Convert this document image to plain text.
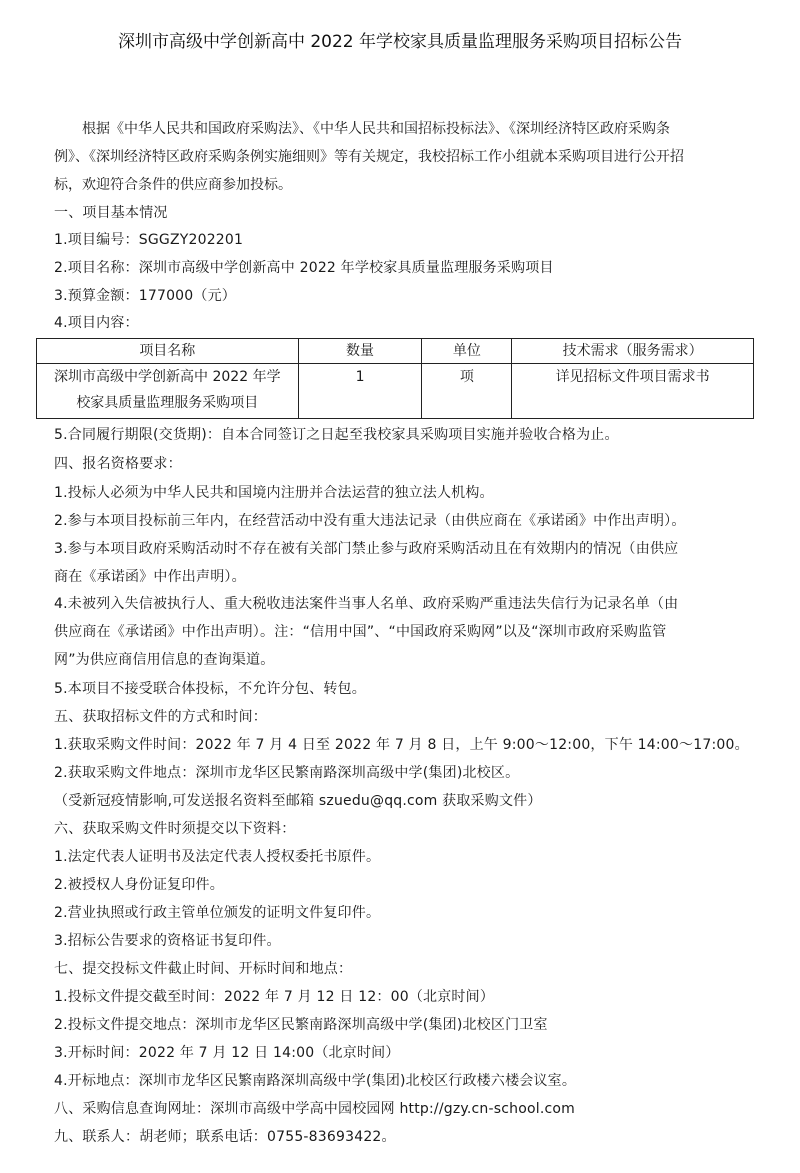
深圳市高级中学创新高中 2022 年学校家具质量监理服务采购项目招标公告
根据《中华人民共和国政府采购法》、《中华人民共和国招标投标法》、《深圳经济特区政府采购条
例》、《深圳经济特区政府采购条例实施细则》等有关规定，我校招标工作小组就本采购项目进行公开招
标，欢迎符合条件的供应商参加投标。
一、项目基本情况
1.项目编号：SGGZY202201
2.项目名称：深圳市高级中学创新高中 2022 年学校家具质量监理服务采购项目
3.预算金额：177000（元）
4.项目内容：
项目名称	数量	单位	技术需求（服务需求）

深圳市高级中学创新高中 2022 年学
校家具质量监理服务采购项目	1	项	详见招标文件项目需求书
5.合同履行期限(交货期)：自本合同签订之日起至我校家具采购项目实施并验收合格为止。
四、报名资格要求：
1.投标人必须为中华人民共和国境内注册并合法运营的独立法人机构。
2.参与本项目投标前三年内，在经营活动中没有重大违法记录（由供应商在《承诺函》中作出声明）。
3.参与本项目政府采购活动时不存在被有关部门禁止参与政府采购活动且在有效期内的情况（由供应
商在《承诺函》中作出声明）。
4.未被列入失信被执行人、重大税收违法案件当事人名单、政府采购严重违法失信行为记录名单（由
供应商在《承诺函》中作出声明）。注：“信用中国”、“中国政府采购网”以及“深圳市政府采购监管
网”为供应商信用信息的查询渠道。
5.本项目不接受联合体投标，不允许分包、转包。
五、获取招标文件的方式和时间：
1.获取采购文件时间：2022 年 7 月 4 日至 2022 年 7 月 8 日，上午 9:00～12:00，下午 14:00～17:00。
2.获取采购文件地点：深圳市龙华区民繁南路深圳高级中学(集团)北校区。
（受新冠疫情影响,可发送报名资料至邮箱 szuedu@qq.com 获取采购文件）
六、获取采购文件时须提交以下资料：
1.法定代表人证明书及法定代表人授权委托书原件。
2.被授权人身份证复印件。
2.营业执照或行政主管单位颁发的证明文件复印件。
3.招标公告要求的资格证书复印件。
七、提交投标文件截止时间、开标时间和地点：
1.投标文件提交截至时间：2022 年 7 月 12 日 12：00（北京时间）
2.投标文件提交地点：深圳市龙华区民繁南路深圳高级中学(集团)北校区门卫室
3.开标时间：2022 年 7 月 12 日 14:00（北京时间）
4.开标地点：深圳市龙华区民繁南路深圳高级中学(集团)北校区行政楼六楼会议室。
八、采购信息查询网址：深圳市高级中学高中园校园网 http://gzy.cn-school.com
九、联系人：胡老师；联系电话：0755-83693422。
